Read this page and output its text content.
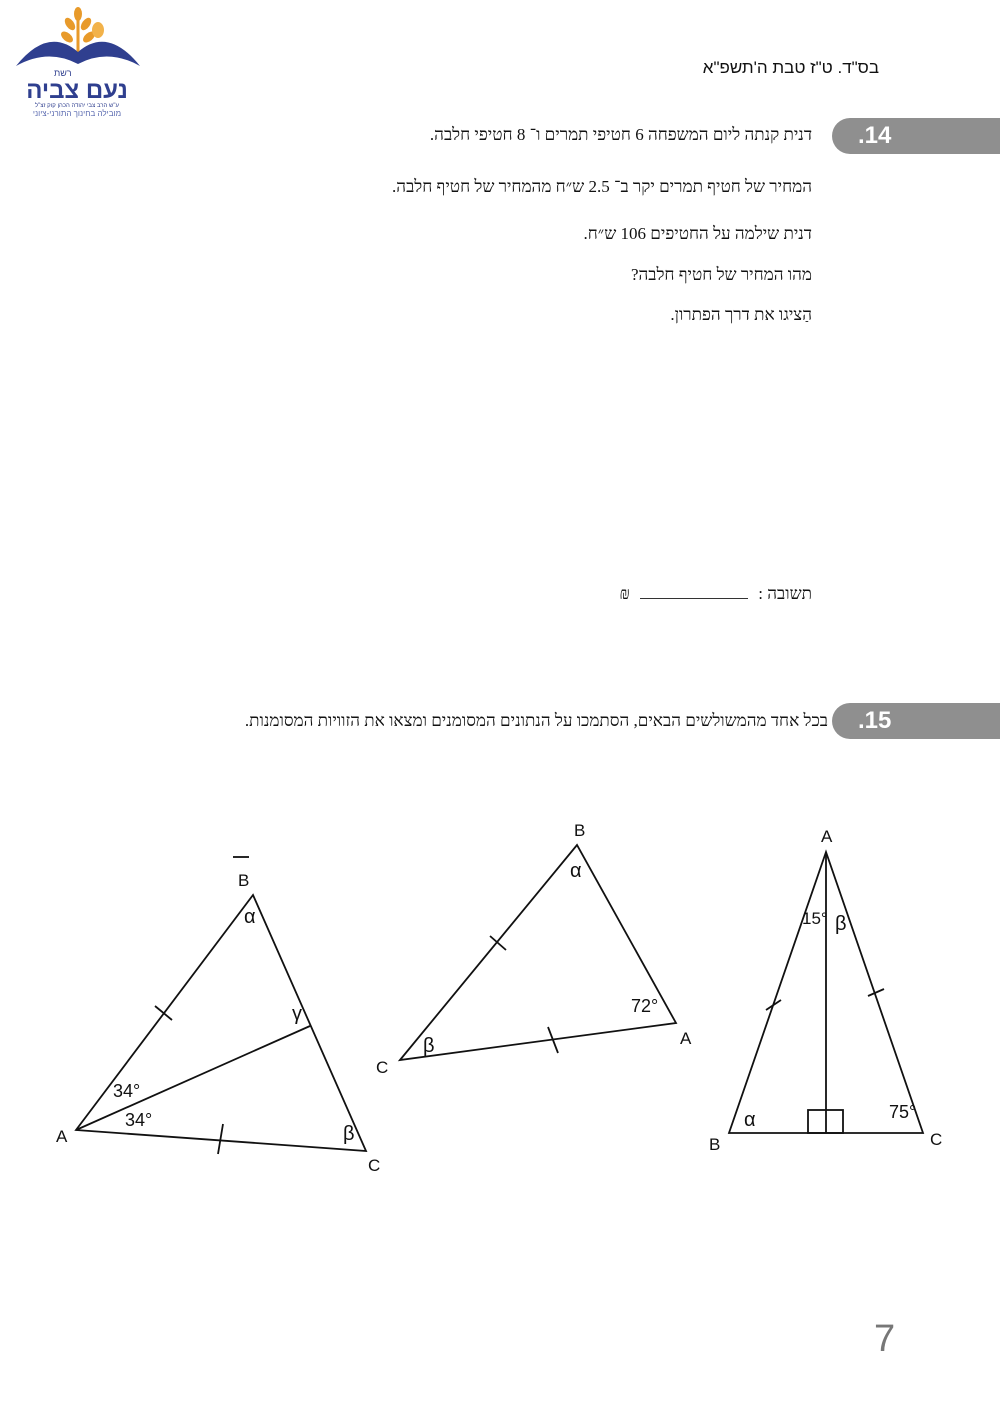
רשת
נעם צביה
ע"ש הרב צבי יהודה הכהן קוק זצ"ל
מובילה בחינוך התורני-ציוני
בס"ד. ט"ז טבת ה'תשפ"א
.14
דנית קנתה ליום המשפחה 6 חטיפי תמרים ו־ 8 חטיפי חלבה.
המחיר של חטיף תמרים יקר ב־ 2.5 ש״ח מהמחיר של חטיף חלבה.
דנית שילמה על החטיפים 106 ש״ח.
מהו המחיר של חטיף חלבה?
הַציגו את דרך הפתרון.
תשובה :  ₪
.15
בכל אחד מהמשולשים הבאים, הסתמכו על הנתונים המסומנים ומצאו את הזוויות המסומנות.
A
B
C
34°
34°
α
β
γ
B
C
A
α
β
72°
A
B	C
15° β
α	75°
7
